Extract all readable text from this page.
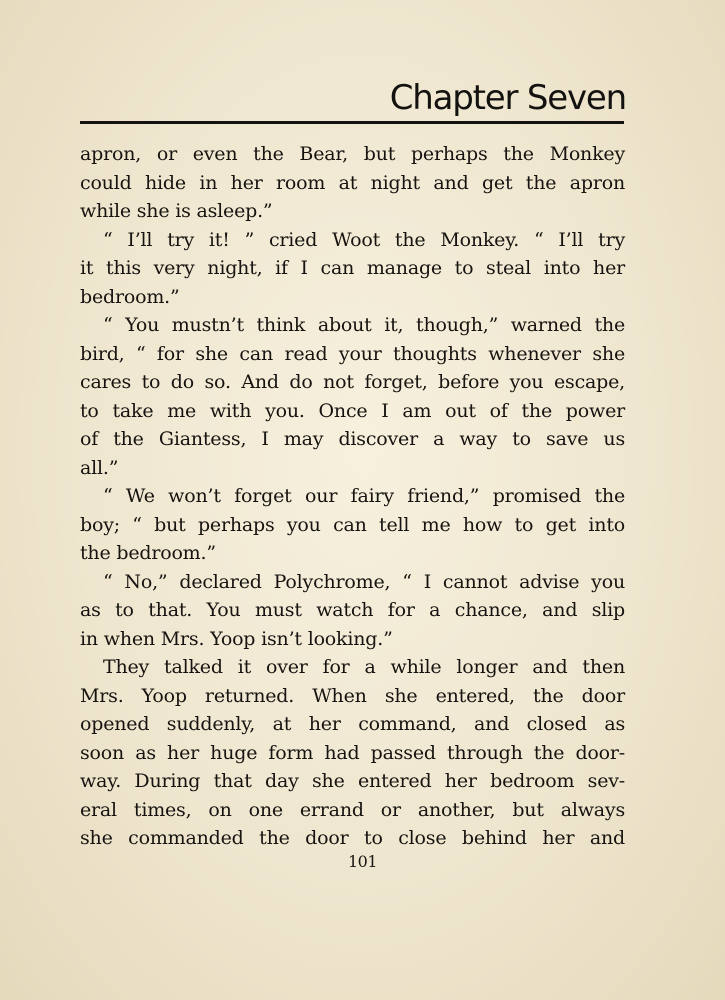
Chapter Seven
apron, or even the Bear, but perhaps the Monkey
could hide in her room at night and get the apron
while she is asleep.”
“ I’ll try it! ” cried Woot the Monkey. “ I’ll try
it this very night, if I can manage to steal into her
bedroom.”
“ You mustn’t think about it, though,” warned the
bird, “ for she can read your thoughts whenever she
cares to do so. And do not forget, before you escape,
to take me with you. Once I am out of the power
of the Giantess, I may discover a way to save us
all.”
“ We won’t forget our fairy friend,” promised the
boy; “ but perhaps you can tell me how to get into
the bedroom.”
“ No,” declared Polychrome, “ I cannot advise you
as to that. You must watch for a chance, and slip
in when Mrs. Yoop isn’t looking.”
They talked it over for a while longer and then
Mrs. Yoop returned. When she entered, the door
opened suddenly, at her command, and closed as
soon as her huge form had passed through the door-
way. During that day she entered her bedroom sev-
eral times, on one errand or another, but always
she commanded the door to close behind her and
101
